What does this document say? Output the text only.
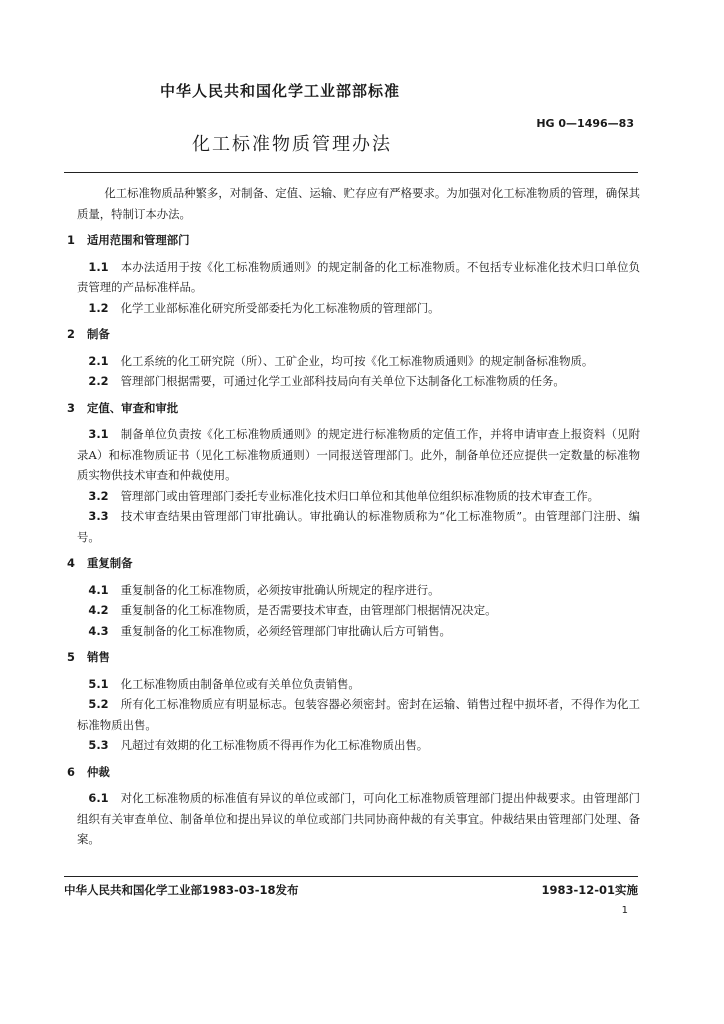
中华人民共和国化学工业部部标准
HG 0—1496—83
化工标准物质管理办法

化工标准物质品种繁多，对制备、定值、运输、贮存应有严格要求。为加强对化工标准物质的管理，确保其质量，特制订本办法。

1 适用范围和管理部门

1.1 本办法适用于按《化工标准物质通则》的规定制备的化工标准物质。不包括专业标准化技术归口单位负责管理的产品标准样品。

1.2 化学工业部标准化研究所受部委托为化工标准物质的管理部门。

2 制备

2.1 化工系统的化工研究院（所）、工矿企业，均可按《化工标准物质通则》的规定制备标准物质。

2.2 管理部门根据需要，可通过化学工业部科技局向有关单位下达制备化工标准物质的任务。

3 定值、审查和审批

3.1 制备单位负责按《化工标准物质通则》的规定进行标准物质的定值工作，并将申请审查上报资料（见附录A）和标准物质证书（见化工标准物质通则）一同报送管理部门。此外，制备单位还应提供一定数量的标准物质实物供技术审查和仲裁使用。

3.2 管理部门或由管理部门委托专业标准化技术归口单位和其他单位组织标准物质的技术审查工作。

3.3 技术审查结果由管理部门审批确认。审批确认的标准物质称为“化工标准物质”。由管理部门注册、编号。

4 重复制备

4.1 重复制备的化工标准物质，必须按审批确认所规定的程序进行。

4.2 重复制备的化工标准物质，是否需要技术审查，由管理部门根据情况决定。

4.3 重复制备的化工标准物质，必须经管理部门审批确认后方可销售。

5 销售

5.1 化工标准物质由制备单位或有关单位负责销售。

5.2 所有化工标准物质应有明显标志。包装容器必须密封。密封在运输、销售过程中损坏者，不得作为化工标准物质出售。

5.3 凡超过有效期的化工标准物质不得再作为化工标准物质出售。

6 仲裁

6.1 对化工标准物质的标准值有异议的单位或部门，可向化工标准物质管理部门提出仲裁要求。由管理部门组织有关审查单位、制备单位和提出异议的单位或部门共同协商仲裁的有关事宜。仲裁结果由管理部门处理、备案。

中华人民共和国化学工业部1983-03-18发布	1983-12-01实施
1
